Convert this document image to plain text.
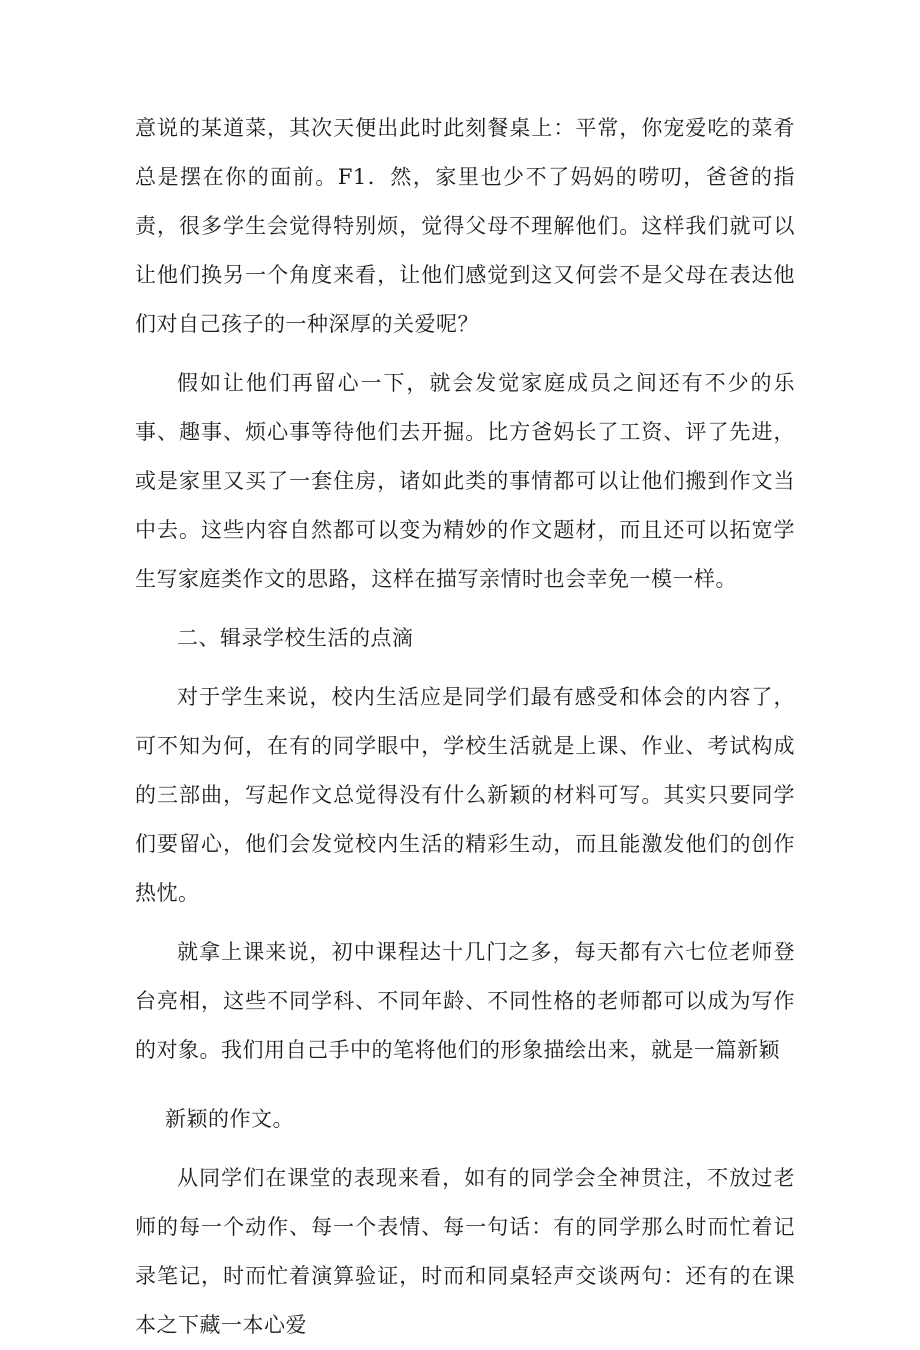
意说的某道菜，其次天便出此时此刻餐桌上：平常，你宠爱吃的菜肴总是摆在你的面前。F1．然，家里也少不了妈妈的唠叨，爸爸的指责，很多学生会觉得特别烦，觉得父母不理解他们。这样我们就可以让他们换另一个角度来看，让他们感觉到这又何尝不是父母在表达他们对自己孩子的一种深厚的关爱呢？

假如让他们再留心一下，就会发觉家庭成员之间还有不少的乐事、趣事、烦心事等待他们去开掘。比方爸妈长了工资、评了先进，或是家里又买了一套住房，诸如此类的事情都可以让他们搬到作文当中去。这些内容自然都可以变为精妙的作文题材，而且还可以拓宽学生写家庭类作文的思路，这样在描写亲情时也会幸免一模一样。

二、辑录学校生活的点滴

对于学生来说，校内生活应是同学们最有感受和体会的内容了，可不知为何，在有的同学眼中，学校生活就是上课、作业、考试构成的三部曲，写起作文总觉得没有什么新颖的材料可写。其实只要同学们要留心，他们会发觉校内生活的精彩生动，而且能激发他们的创作热忱。

就拿上课来说，初中课程达十几门之多，每天都有六七位老师登台亮相，这些不同学科、不同年龄、不同性格的老师都可以成为写作的对象。我们用自己手中的笔将他们的形象描绘出来，就是一篇新颖

新颖的作文。

从同学们在课堂的表现来看，如有的同学会全神贯注，不放过老师的每一个动作、每一个表情、每一句话：有的同学那么时而忙着记录笔记，时而忙着演算验证，时而和同桌轻声交谈两句：还有的在课本之下藏一本心爱
